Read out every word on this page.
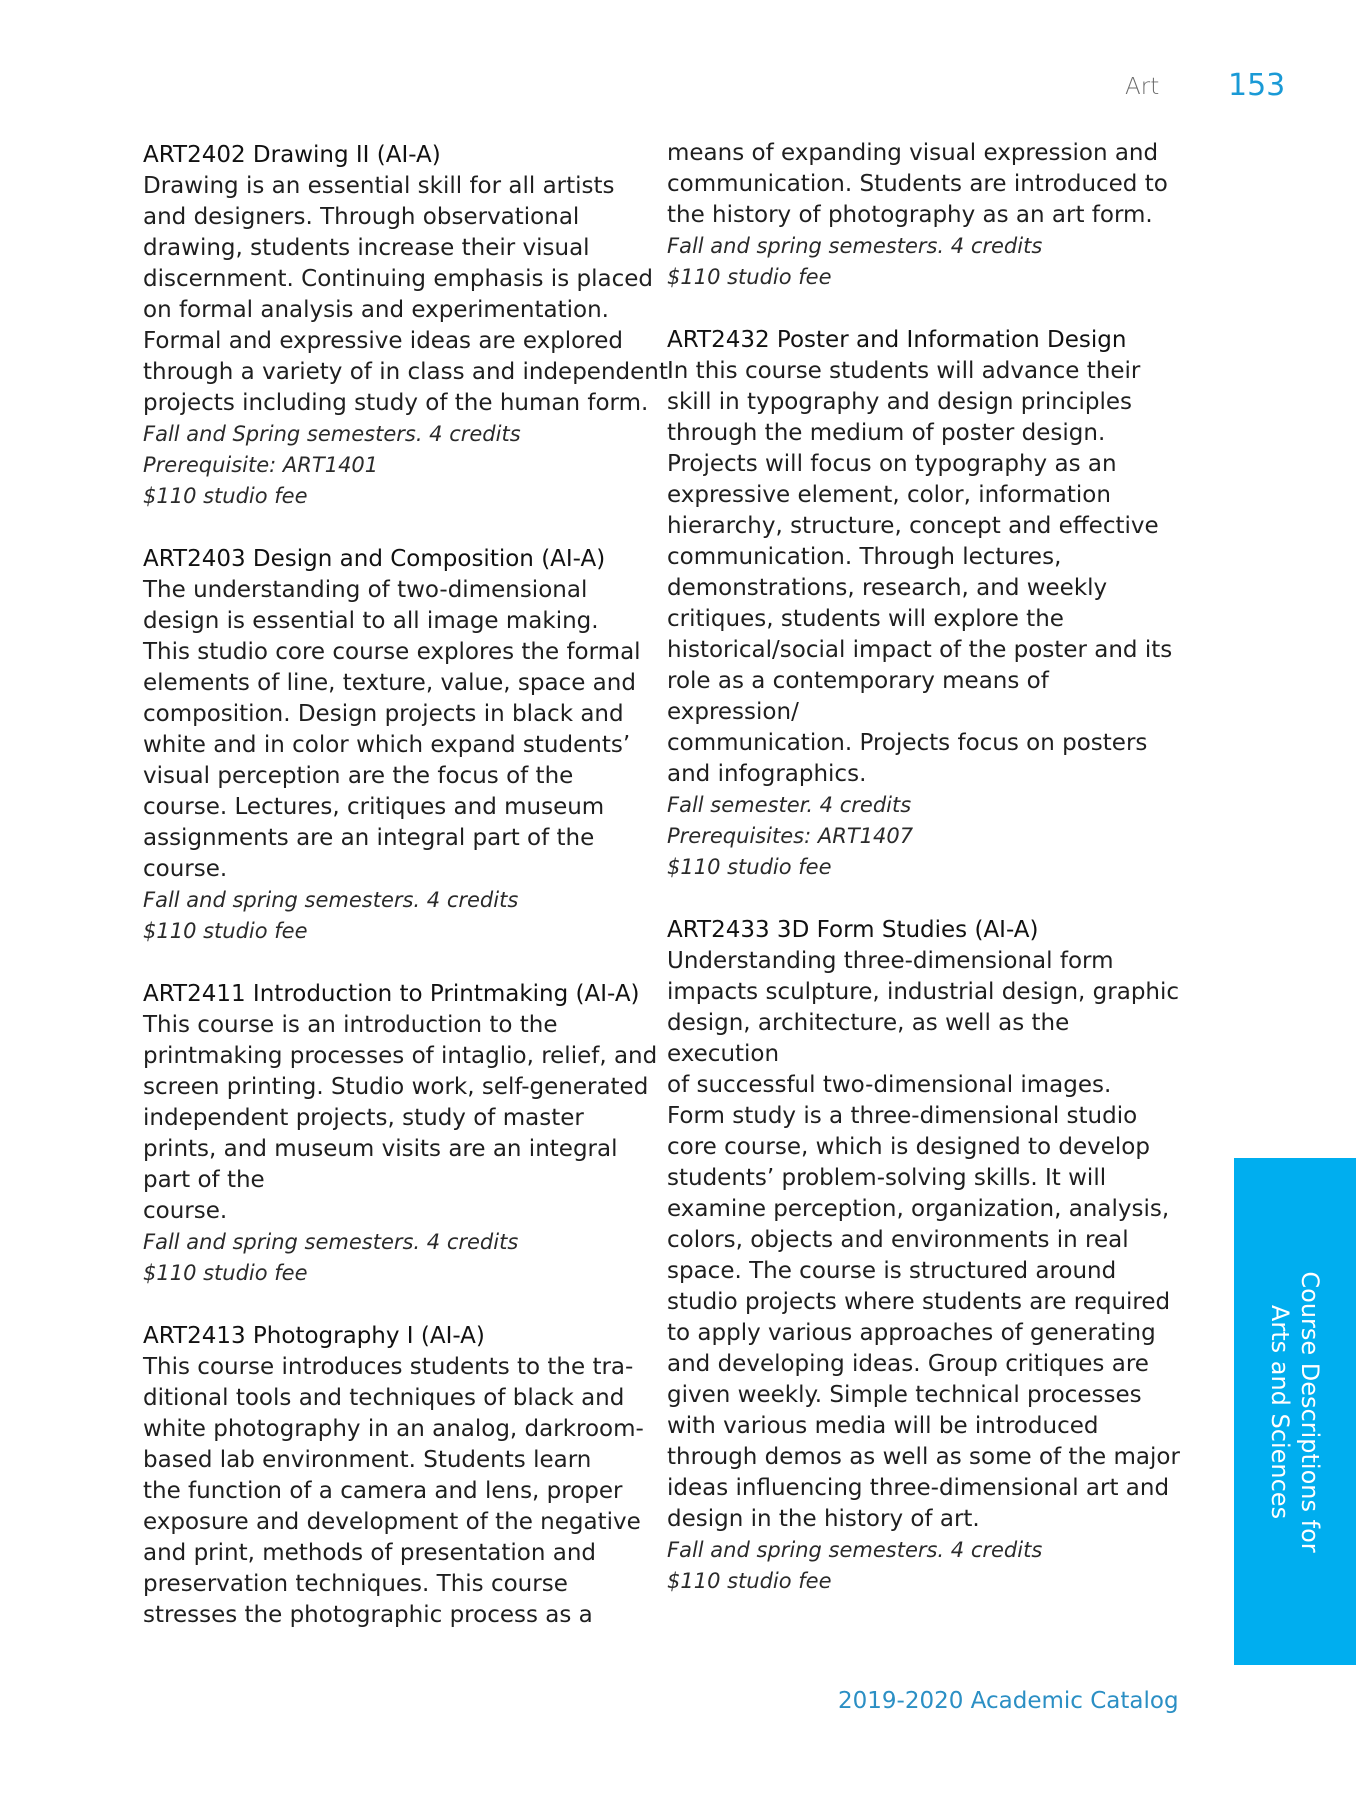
Art 153
ART2402 Drawing II (AI-A)
Drawing is an essential skill for all artists
and designers. Through observational
drawing, students increase their visual
discernment. Continuing emphasis is placed
on formal analysis and experimentation.
Formal and expressive ideas are explored
through a variety of in class and independent
projects including study of the human form.
Fall and Spring semesters. 4 credits
Prerequisite: ART1401
$110 studio fee
ART2403 Design and Composition (AI-A)
The understanding of two-dimensional
design is essential to all image making.
This studio core course explores the formal
elements of line, texture, value, space and
composition. Design projects in black and
white and in color which expand students’
visual perception are the focus of the
course. Lectures, critiques and museum
assignments are an integral part of the
course.
Fall and spring semesters. 4 credits
$110 studio fee
ART2411 Introduction to Printmaking (AI-A)
This course is an introduction to the
printmaking processes of intaglio, relief, and
screen printing. Studio work, self-generated
independent projects, study of master
prints, and museum visits are an integral
part of the
course.
Fall and spring semesters. 4 credits
$110 studio fee
ART2413 Photography I (AI-A)
This course introduces students to the tra-
ditional tools and techniques of black and
white photography in an analog, darkroom-
based lab environment. Students learn
the function of a camera and lens, proper
exposure and development of the negative
and print, methods of presentation and
preservation techniques. This course
stresses the photographic process as a
means of expanding visual expression and
communication. Students are introduced to
the history of photography as an art form.
Fall and spring semesters. 4 credits
$110 studio fee
ART2432 Poster and Information Design
In this course students will advance their
skill in typography and design principles
through the medium of poster design.
Projects will focus on typography as an
expressive element, color, information
hierarchy, structure, concept and effective
communication. Through lectures,
demonstrations, research, and weekly
critiques, students will explore the
historical/social impact of the poster and its
role as a contemporary means of expression/
communication. Projects focus on posters
and infographics.
Fall semester. 4 credits
Prerequisites: ART1407
$110 studio fee
ART2433 3D Form Studies (AI-A)
Understanding three-dimensional form
impacts sculpture, industrial design, graphic
design, architecture, as well as the execution
of successful two-dimensional images.
Form study is a three-dimensional studio
core course, which is designed to develop
students’ problem-solving skills. It will
examine perception, organization, analysis,
colors, objects and environments in real
space. The course is structured around
studio projects where students are required
to apply various approaches of generating
and developing ideas. Group critiques are
given weekly. Simple technical processes
with various media will be introduced
through demos as well as some of the major
ideas influencing three-dimensional art and
design in the history of art.
Fall and spring semesters. 4 credits
$110 studio fee
Course Descriptions for
Arts and Sciences
2019-2020 Academic Catalog
